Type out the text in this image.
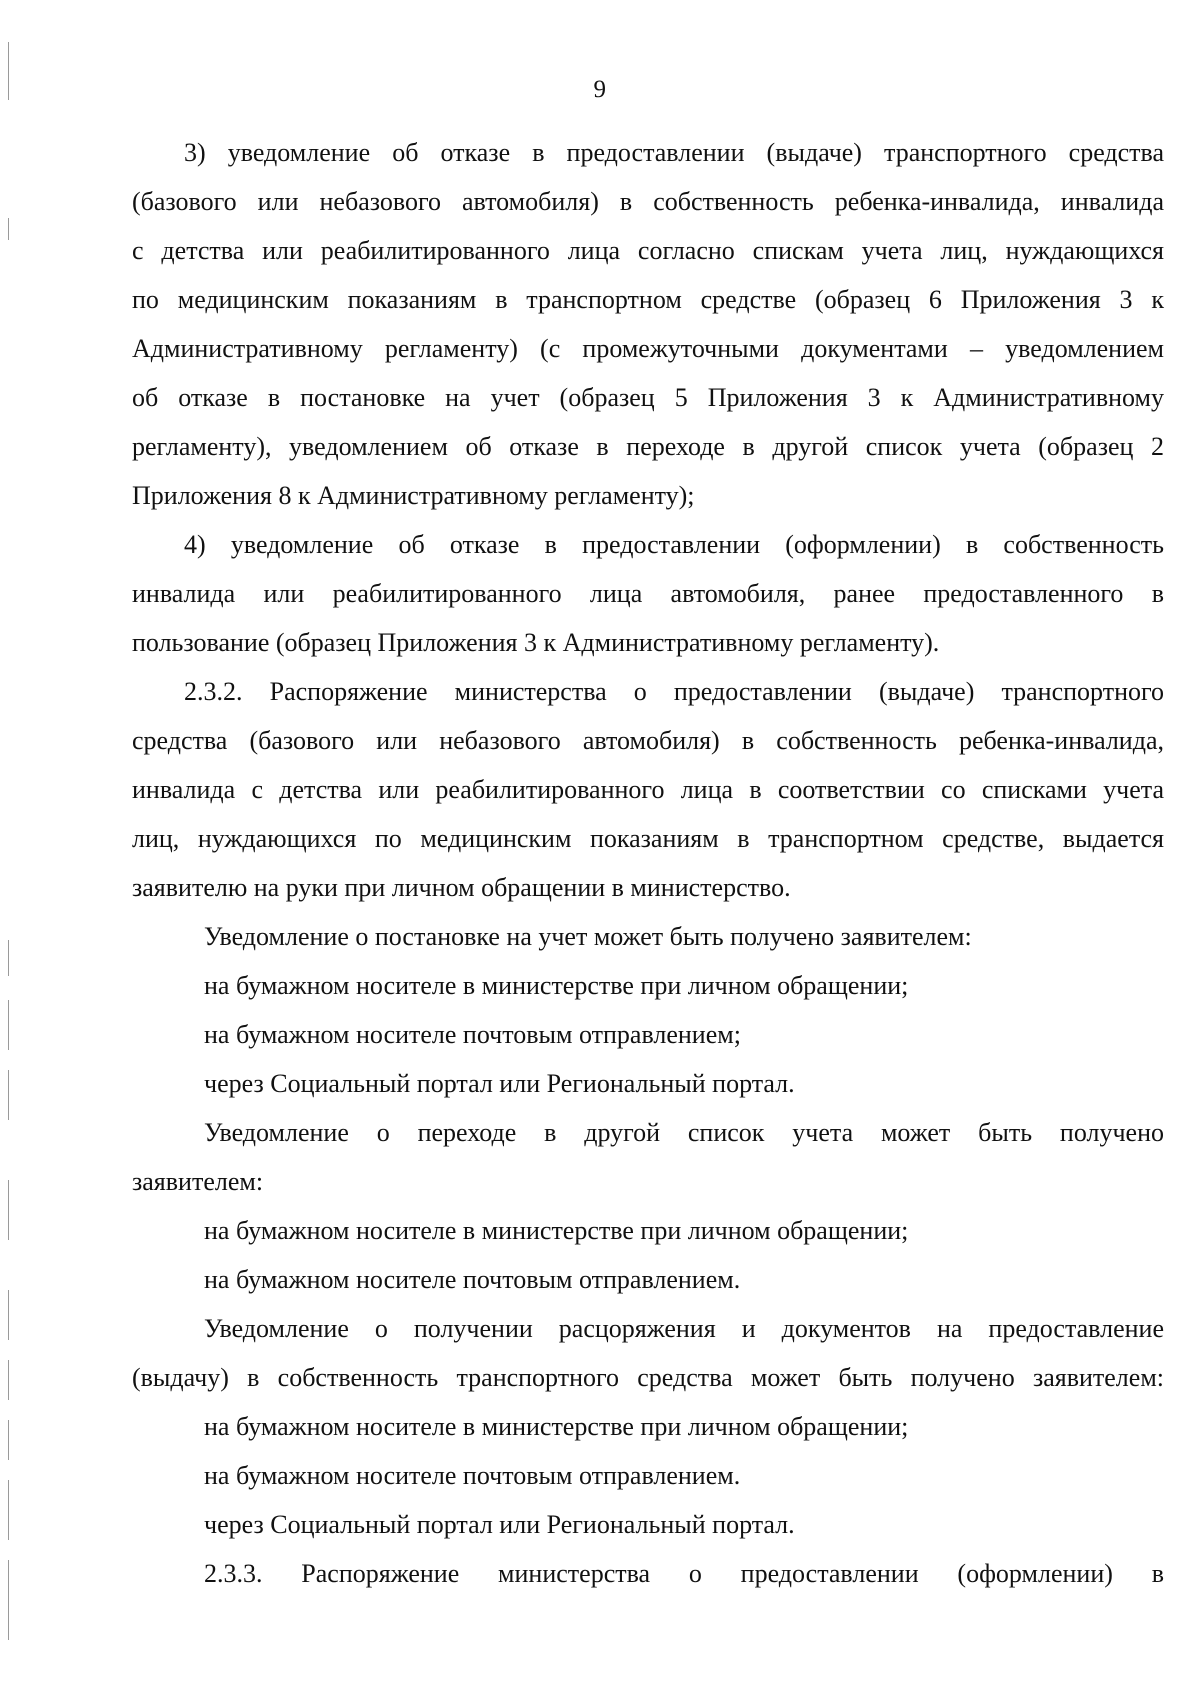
9
3) уведомление об отказе в предоставлении (выдаче) транспортного средства
(базового или небазового автомобиля) в собственность ребенка-инвалида, инвалида
с детства или реабилитированного лица согласно спискам учета лиц, нуждающихся
по медицинским показаниям в транспортном средстве (образец 6 Приложения 3 к
Административному регламенту) (с промежуточными документами – уведомлением
об отказе в постановке на учет (образец 5 Приложения 3 к Административному
регламенту), уведомлением об отказе в переходе в другой список учета (образец 2
Приложения 8 к Административному регламенту);
4) уведомление об отказе в предоставлении (оформлении) в собственность
инвалида или реабилитированного лица автомобиля, ранее предоставленного в
пользование (образец Приложения 3 к Административному регламенту).
2.3.2. Распоряжение министерства о предоставлении (выдаче) транспортного
средства (базового или небазового автомобиля) в собственность ребенка-инвалида,
инвалида с детства или реабилитированного лица в соответствии со списками учета
лиц, нуждающихся по медицинским показаниям в транспортном средстве, выдается
заявителю на руки при личном обращении в министерство.
Уведомление о постановке на учет может быть получено заявителем:
на бумажном носителе в министерстве при личном обращении;
на бумажном носителе почтовым отправлением;
через Социальный портал или Региональный портал.
Уведомление о переходе в другой список учета может быть получено
заявителем:
на бумажном носителе в министерстве при личном обращении;
на бумажном носителе почтовым отправлением.
Уведомление о получении расцоряжения и документов на предоставление
(выдачу) в собственность транспортного средства может быть получено заявителем:
на бумажном носителе в министерстве при личном обращении;
на бумажном носителе почтовым отправлением.
через Социальный портал или Региональный портал.
2.3.3. Распоряжение министерства о предоставлении (оформлении) в
